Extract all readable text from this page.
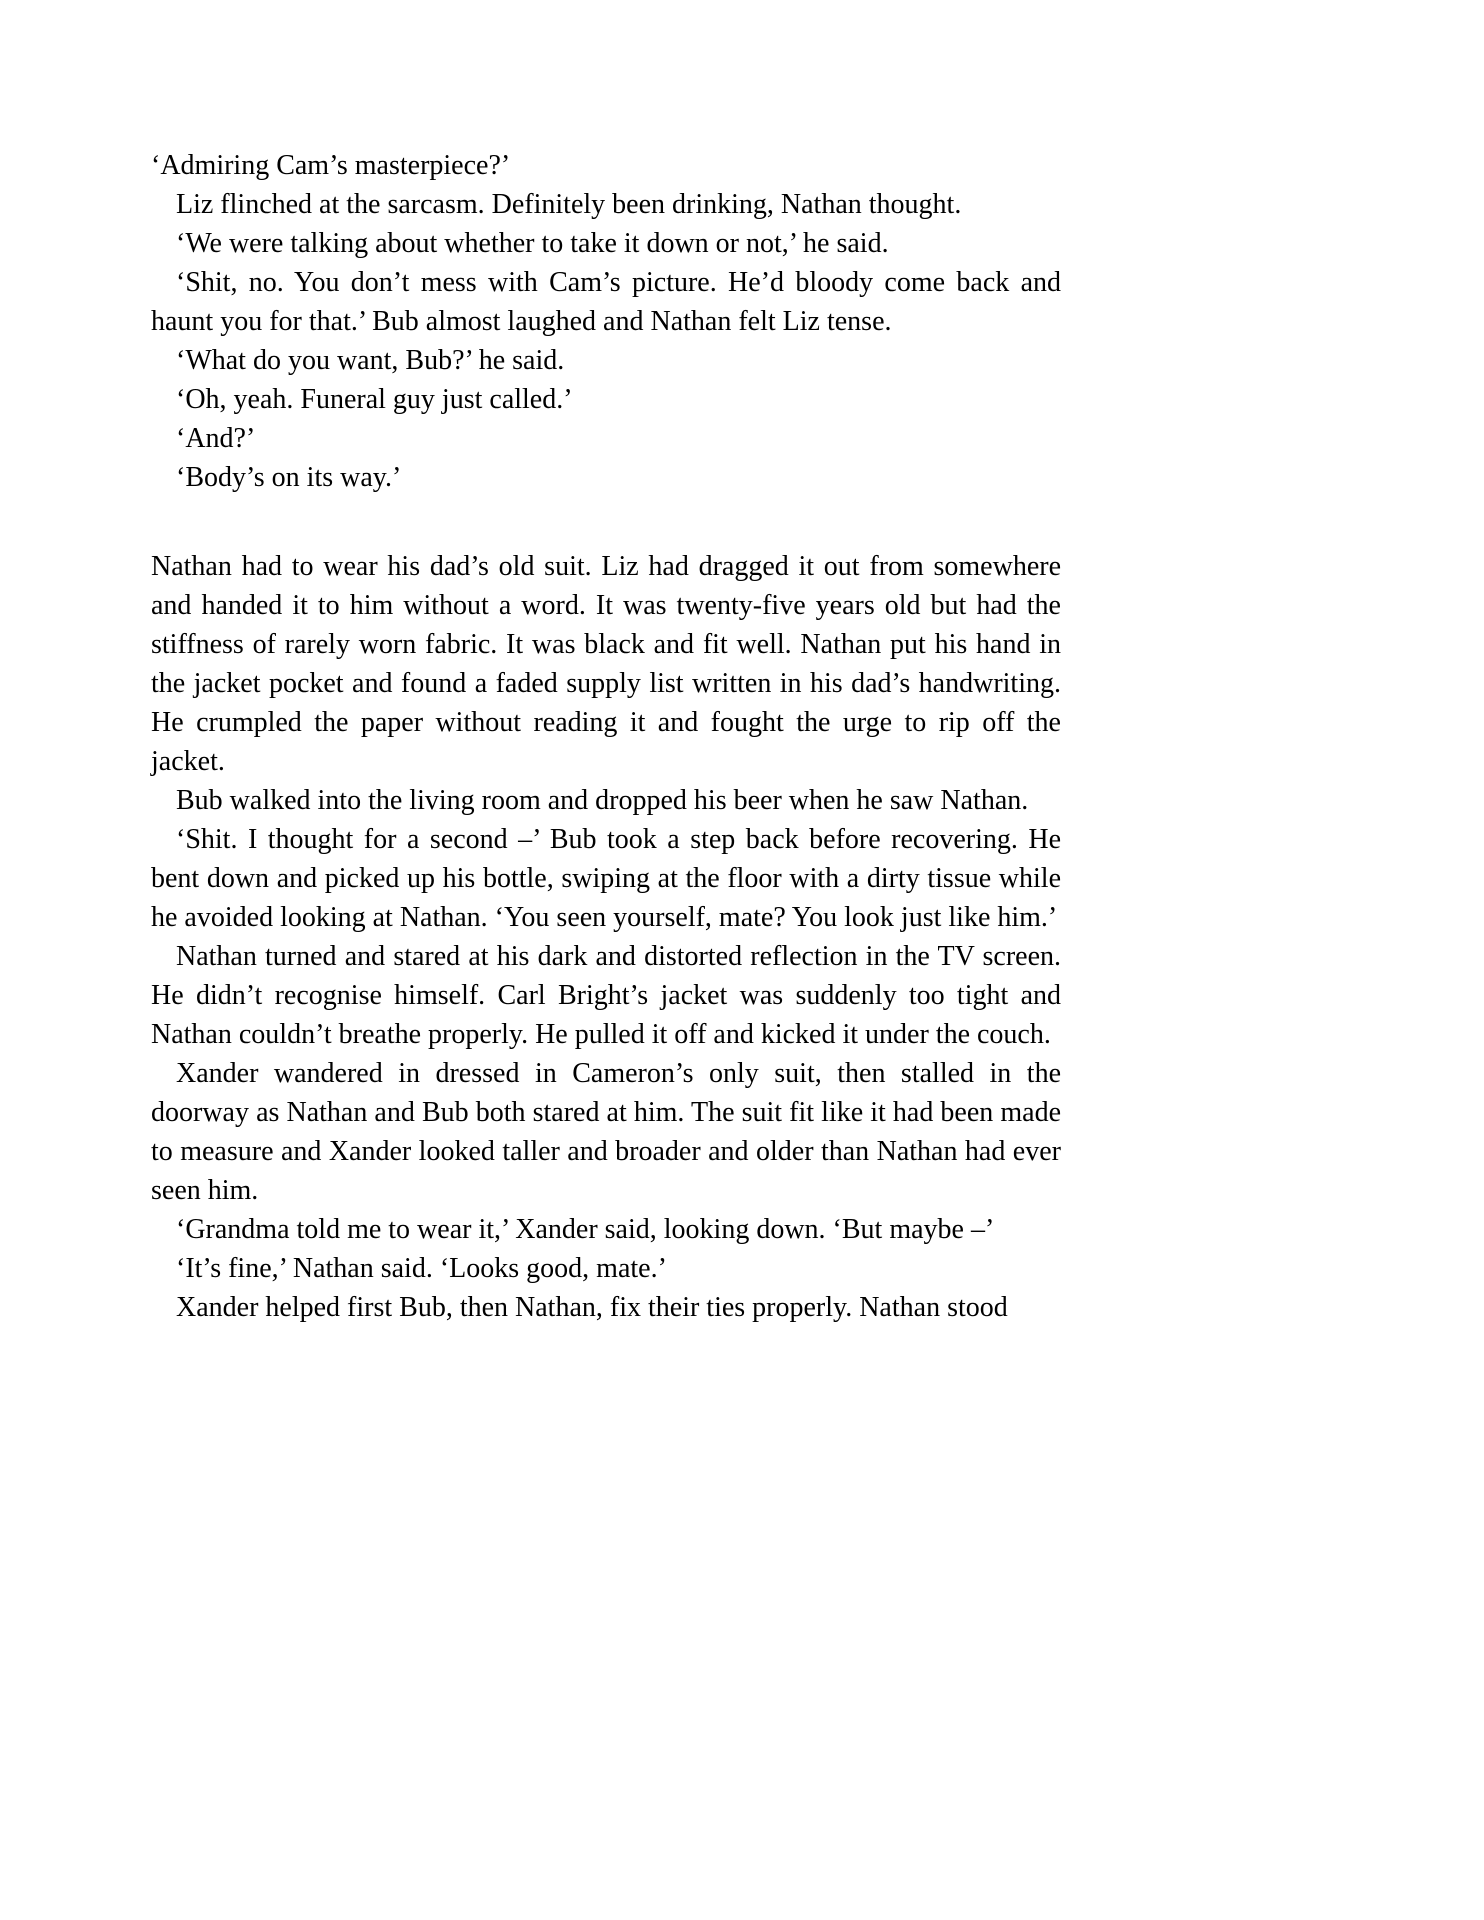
‘Admiring Cam’s masterpiece?’

Liz flinched at the sarcasm. Definitely been drinking, Nathan thought.

‘We were talking about whether to take it down or not,’ he said.

‘Shit, no. You don’t mess with Cam’s picture. He’d bloody come back and haunt you for that.’ Bub almost laughed and Nathan felt Liz tense.

‘What do you want, Bub?’ he said.

‘Oh, yeah. Funeral guy just called.’

‘And?’

‘Body’s on its way.’

Nathan had to wear his dad’s old suit. Liz had dragged it out from somewhere and handed it to him without a word. It was twenty-five years old but had the stiffness of rarely worn fabric. It was black and fit well. Nathan put his hand in the jacket pocket and found a faded supply list written in his dad’s handwriting. He crumpled the paper without reading it and fought the urge to rip off the jacket.

Bub walked into the living room and dropped his beer when he saw Nathan.

‘Shit. I thought for a second –’ Bub took a step back before recovering. He bent down and picked up his bottle, swiping at the floor with a dirty tissue while he avoided looking at Nathan. ‘You seen yourself, mate? You look just like him.’

Nathan turned and stared at his dark and distorted reflection in the TV screen. He didn’t recognise himself. Carl Bright’s jacket was suddenly too tight and Nathan couldn’t breathe properly. He pulled it off and kicked it under the couch.

Xander wandered in dressed in Cameron’s only suit, then stalled in the doorway as Nathan and Bub both stared at him. The suit fit like it had been made to measure and Xander looked taller and broader and older than Nathan had ever seen him.

‘Grandma told me to wear it,’ Xander said, looking down. ‘But maybe –’

‘It’s fine,’ Nathan said. ‘Looks good, mate.’

Xander helped first Bub, then Nathan, fix their ties properly. Nathan stood
